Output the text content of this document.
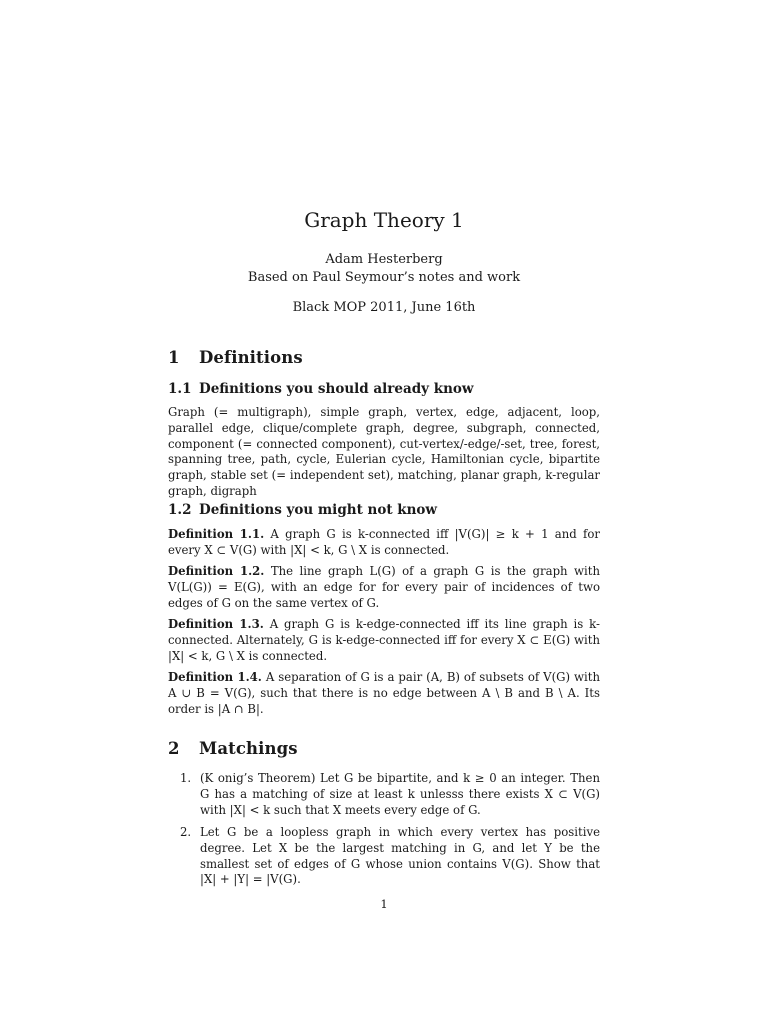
Graph Theory 1
Adam Hesterberg
Based on Paul Seymour’s notes and work
Black MOP 2011, June 16th
1 Definitions
1.1 Definitions you should already know
Graph (= multigraph), simple graph, vertex, edge, adjacent, loop, parallel edge, clique/complete graph, degree, subgraph, connected, component (= connected component), cut-vertex/-edge/-set, tree, forest, spanning tree, path, cycle, Eulerian cycle, Hamiltonian cycle, bipartite graph, stable set (= independent set), matching, planar graph, k-regular graph, digraph
1.2 Definitions you might not know
Definition 1.1. A graph G is k-connected iff |V(G)| ≥ k + 1 and for every X ⊂ V(G) with |X| < k, G \ X is connected.
Definition 1.2. The line graph L(G) of a graph G is the graph with V(L(G)) = E(G), with an edge for for every pair of incidences of two edges of G on the same vertex of G.
Definition 1.3. A graph G is k-edge-connected iff its line graph is k-connected. Alternately, G is k-edge-connected iff for every X ⊂ E(G) with |X| < k, G \ X is connected.
Definition 1.4. A separation of G is a pair (A, B) of subsets of V(G) with A ∪ B = V(G), such that there is no edge between A \ B and B \ A. Its order is |A ∩ B|.
2 Matchings
1. (K onig’s Theorem) Let G be bipartite, and k ≥ 0 an integer. Then G has a matching of size at least k unlesss there exists X ⊂ V(G) with |X| < k such that X meets every edge of G.
2. Let G be a loopless graph in which every vertex has positive degree. Let X be the largest matching in G, and let Y be the smallest set of edges of G whose union contains V(G). Show that |X| + |Y| = |V(G).
1
